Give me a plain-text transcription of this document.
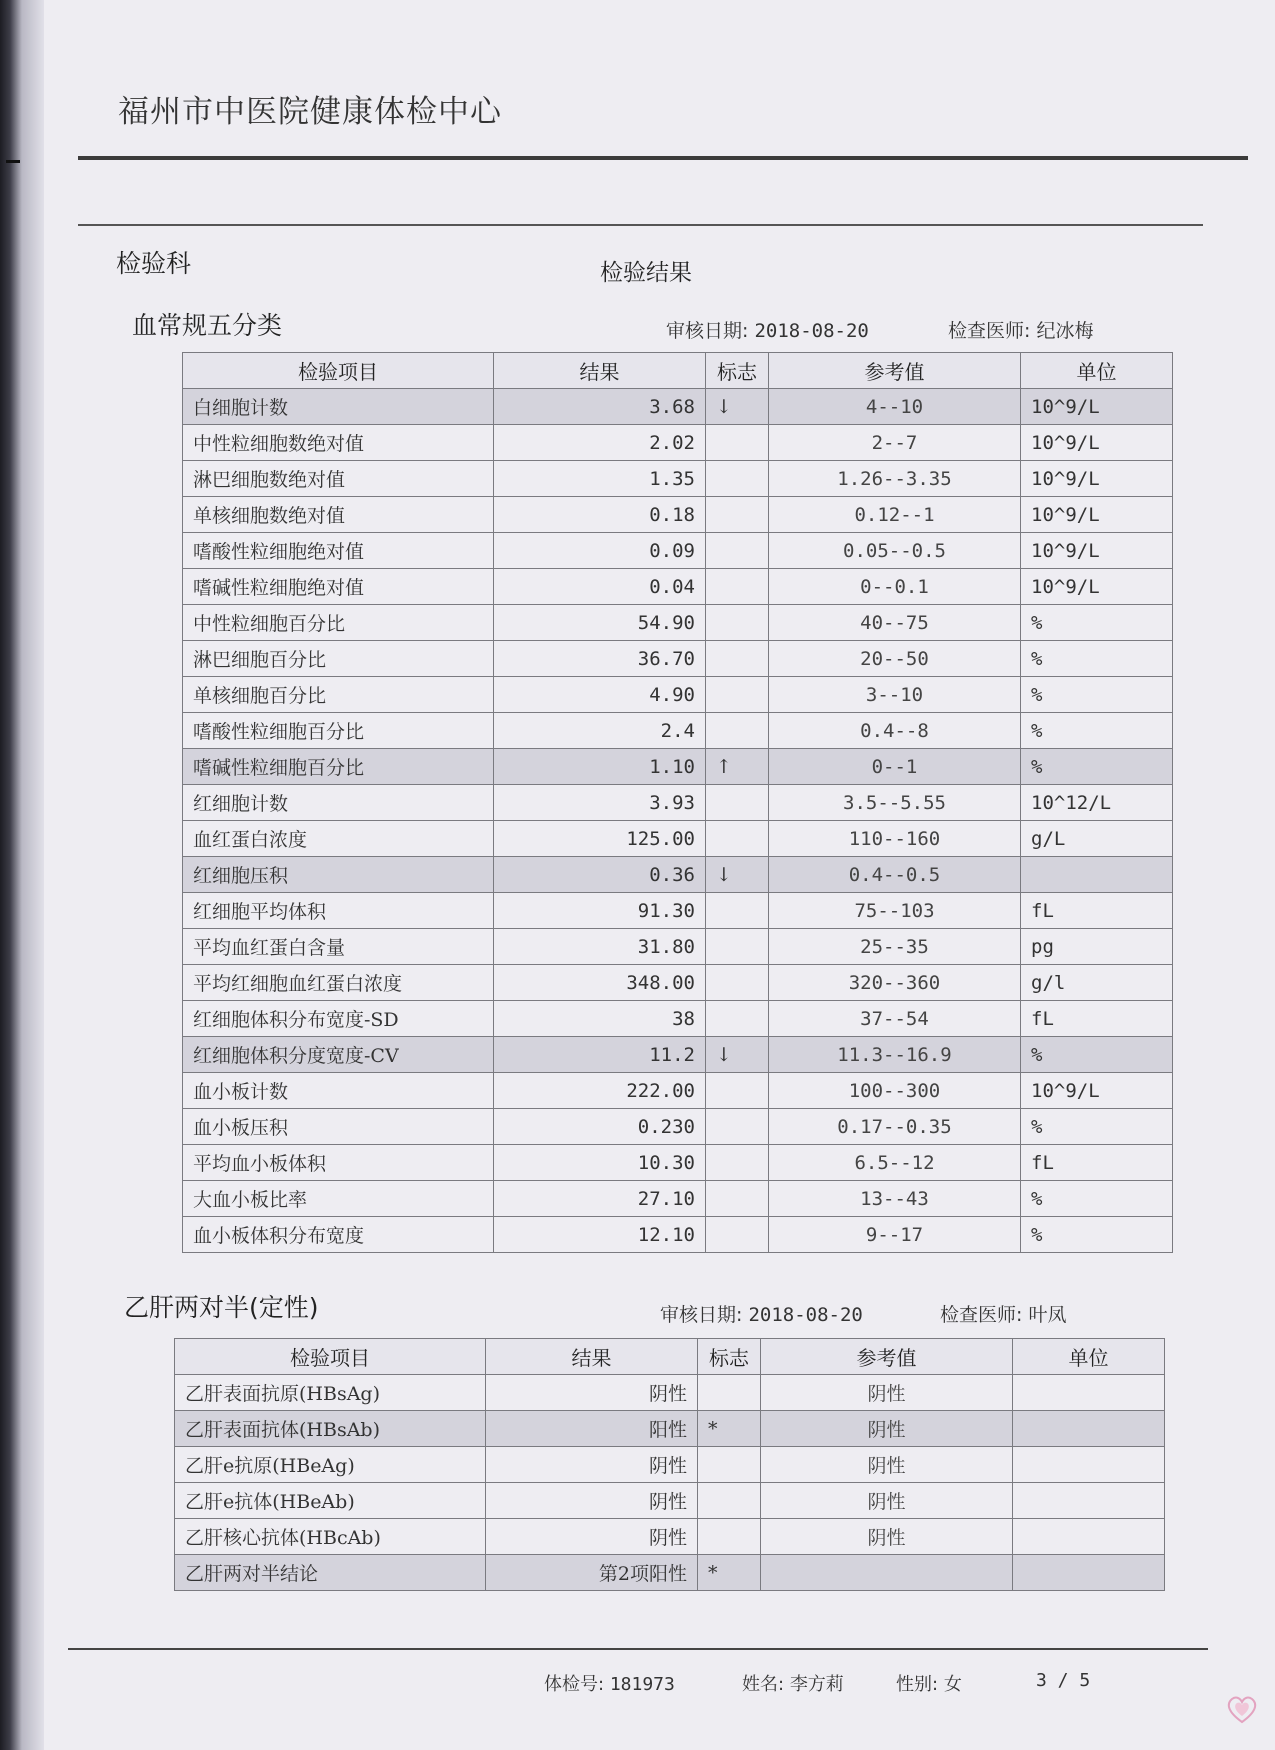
福州市中医院健康体检中心
检验科	检验结果
血常规五分类	审核日期: 2018-08-20	检查医师: 纪冰梅
检验项目	结果	标志	参考值	单位
白细胞计数	3.68	↓	4--10	10^9/L
中性粒细胞数绝对值	2.02		2--7	10^9/L
淋巴细胞数绝对值	1.35		1.26--3.35	10^9/L
单核细胞数绝对值	0.18		0.12--1	10^9/L
嗜酸性粒细胞绝对值	0.09		0.05--0.5	10^9/L
嗜碱性粒细胞绝对值	0.04		0--0.1	10^9/L
中性粒细胞百分比	54.90		40--75	%
淋巴细胞百分比	36.70		20--50	%
单核细胞百分比	4.90		3--10	%
嗜酸性粒细胞百分比	2.4		0.4--8	%
嗜碱性粒细胞百分比	1.10	↑	0--1	%
红细胞计数	3.93		3.5--5.55	10^12/L
血红蛋白浓度	125.00		110--160	g/L
红细胞压积	0.36	↓	0.4--0.5	
红细胞平均体积	91.30		75--103	fL
平均血红蛋白含量	31.80		25--35	pg
平均红细胞血红蛋白浓度	348.00		320--360	g/l
红细胞体积分布宽度-SD	38		37--54	fL
红细胞体积分度宽度-CV	11.2	↓	11.3--16.9	%
血小板计数	222.00		100--300	10^9/L
血小板压积	0.230		0.17--0.35	%
平均血小板体积	10.30		6.5--12	fL
大血小板比率	27.10		13--43	%
血小板体积分布宽度	12.10		9--17	%
乙肝两对半(定性)	审核日期: 2018-08-20	检查医师: 叶凤
检验项目	结果	标志	参考值	单位
乙肝表面抗原(HBsAg)	阴性		阴性	
乙肝表面抗体(HBsAb)	阳性	*	阴性	
乙肝e抗原(HBeAg)	阴性		阴性	
乙肝e抗体(HBeAb)	阴性		阴性	
乙肝核心抗体(HBcAb)	阴性		阴性	
乙肝两对半结论	第2项阳性	*		
体检号: 181973	姓名: 李方莉	性别: 女	3 / 5
